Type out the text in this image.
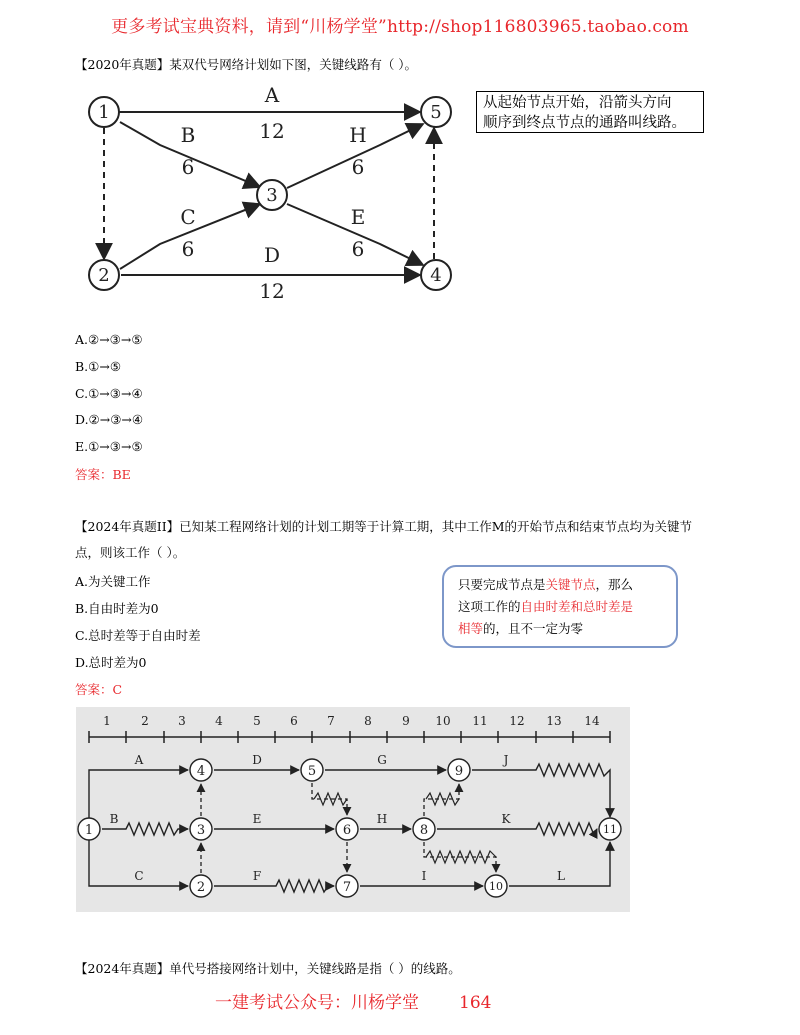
更多考试宝典资料，请到“川杨学堂”http://shop116803965.taobao.com
【2020年真题】某双代号网络计划如下图，关键线路有（ ）。
1
2
3
4
5
A
12
B
6
C
6	D
12
H
6
E
6
从起始节点开始，沿箭头方向
顺序到终点节点的通路叫线路。
A.②→③→⑤
B.①→⑤
C.①→③→④
D.②→③→④
E.①→③→⑤
答案：BE
【2024年真题II】已知某工程网络计划的计划工期等于计算工期，其中工作M的开始节点和结束节点均为关键节
点，则该工作（ ）。
A.为关键工作
B.自由时差为0
C.总时差等于自由时差
D.总时差为0
答案：C
只要完成节点是关键节点，那么
这项工作的自由时差和总时差是
相等的，且不一定为零
1	2 3 4	5 6 7 8	9 10 11 12 13 14
1
2
3
4	5
6
7
8
9
10
11
A
B
C
D
E
F
G
H
I
J
K
L
【2024年真题】单代号搭接网络计划中，关键线路是指（ ）的线路。
一建考试公众号：川杨学堂 164
